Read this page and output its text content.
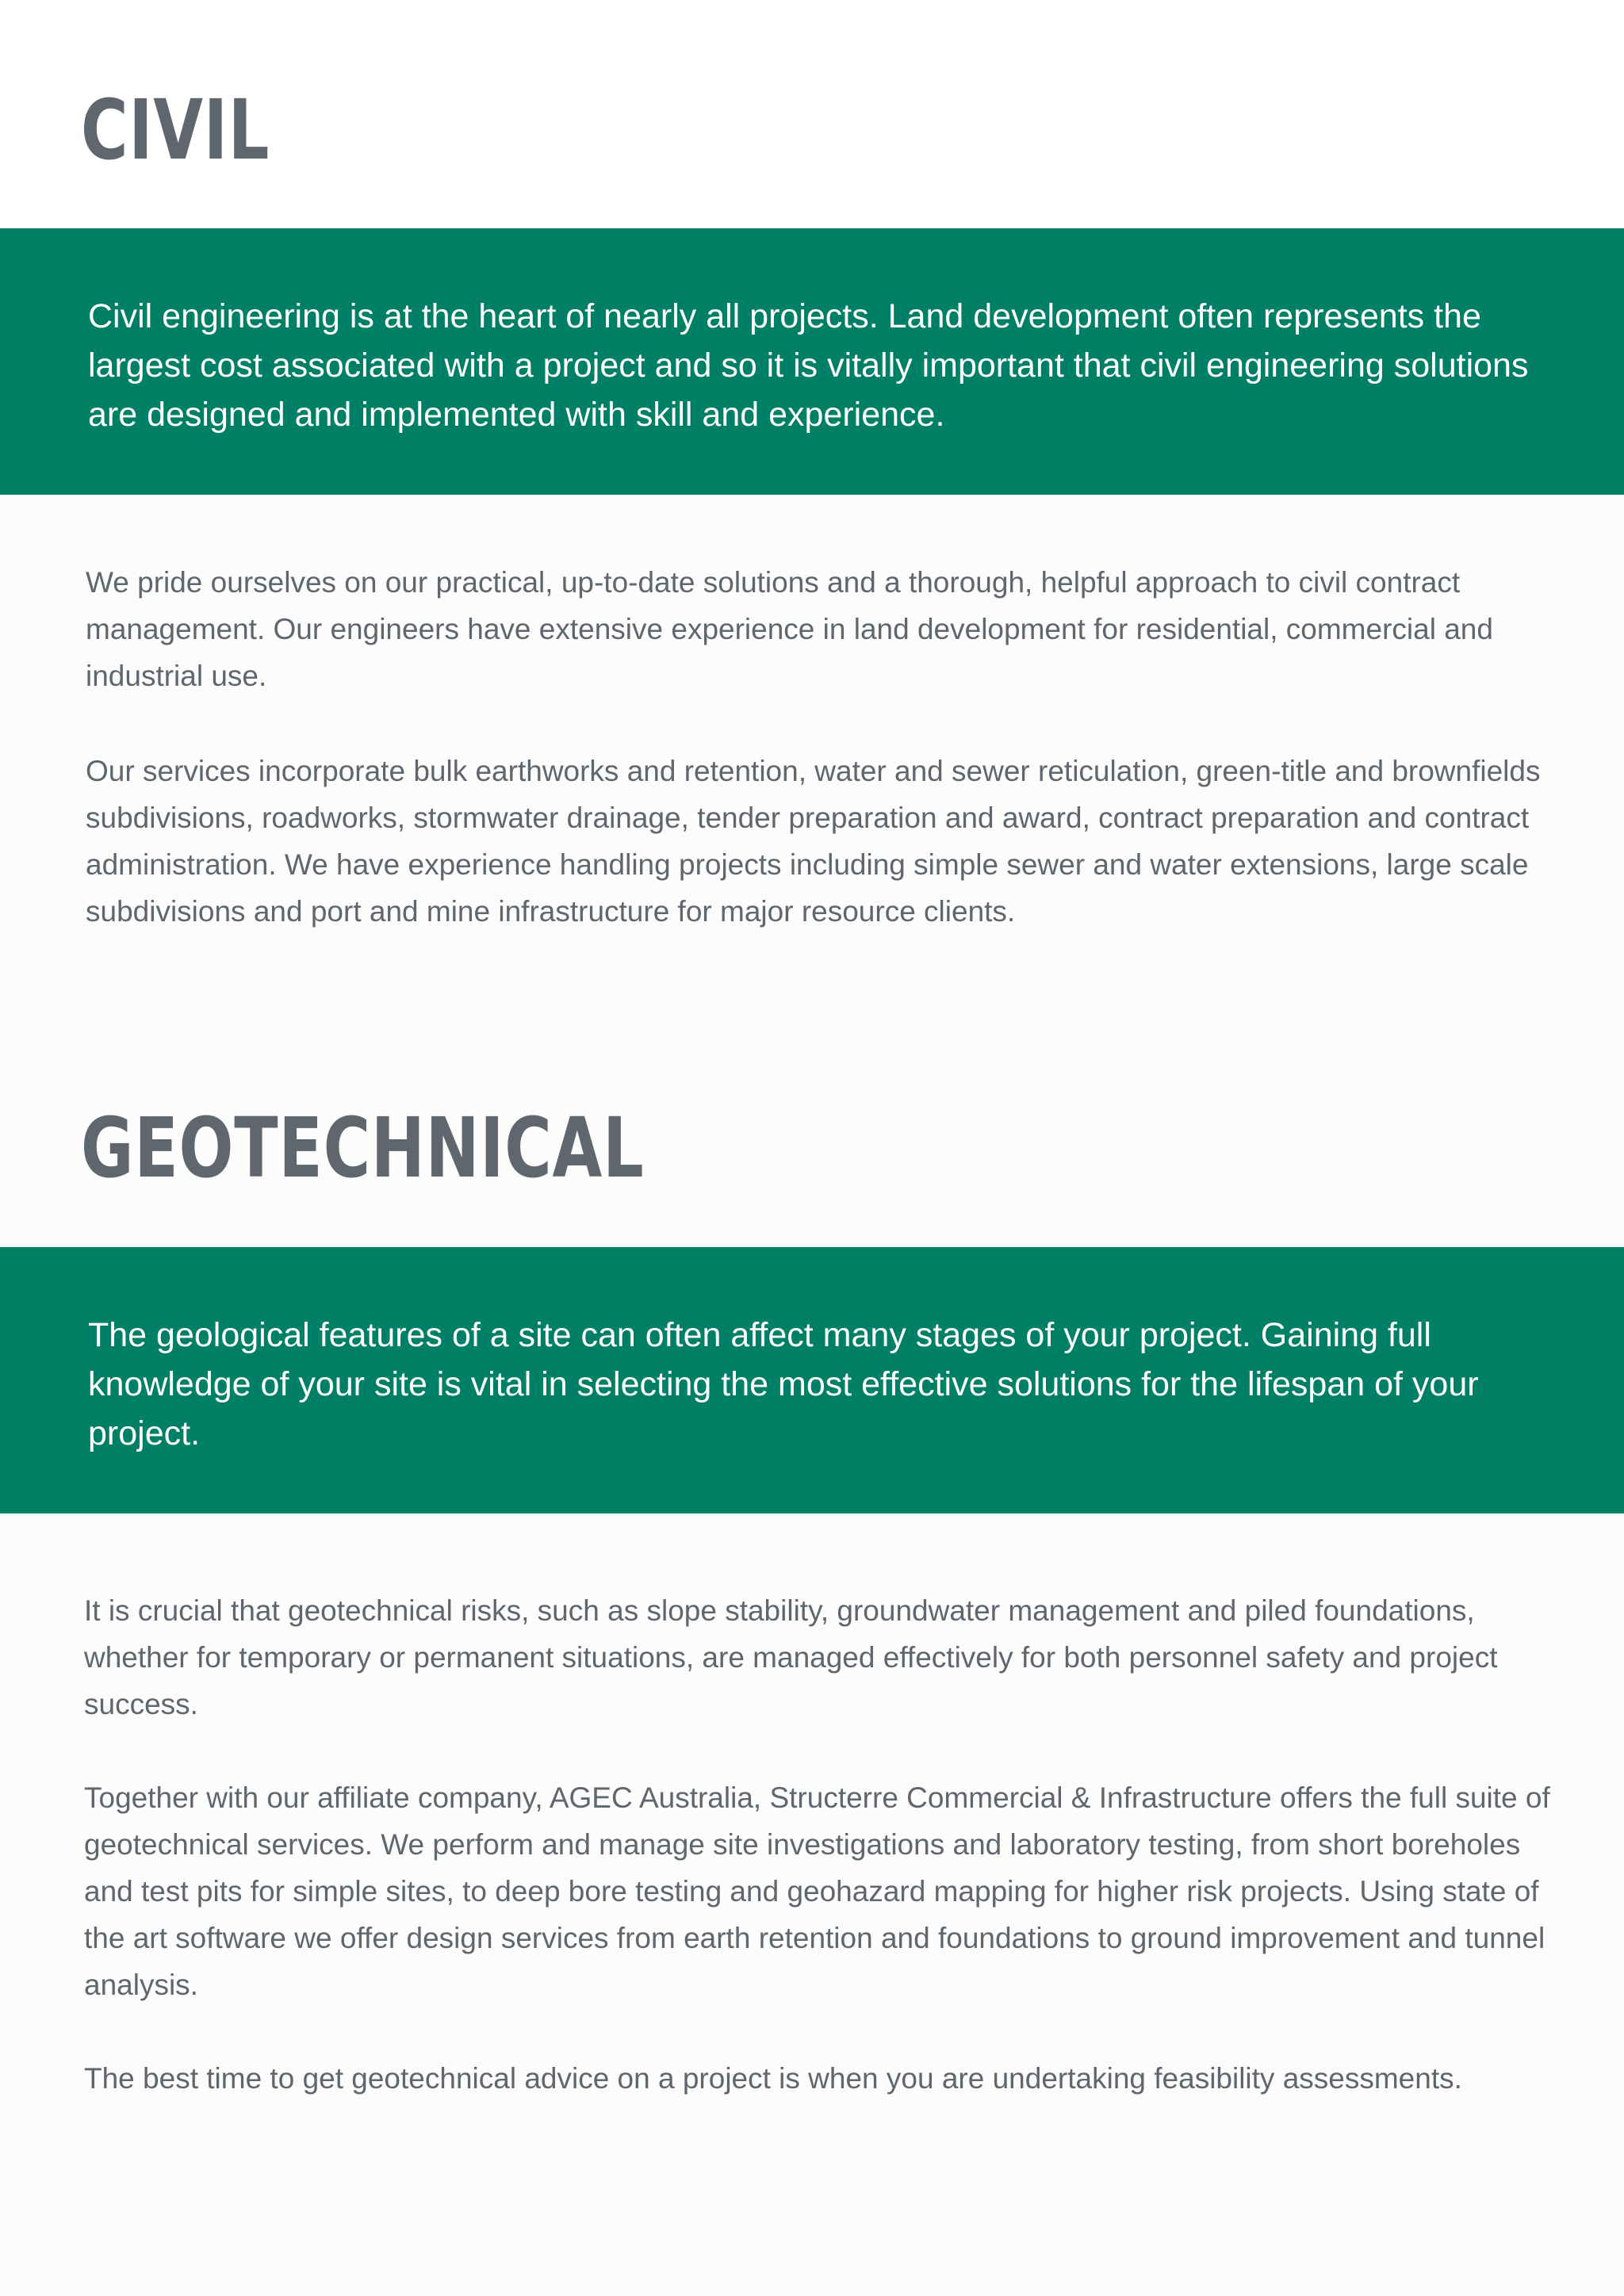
CIVIL

Civil engineering is at the heart of nearly all projects. Land development often represents the largest cost associated with a project and so it is vitally important that civil engineering solutions are designed and implemented with skill and experience.

We pride ourselves on our practical, up-to-date solutions and a thorough, helpful approach to civil contract management. Our engineers have extensive experience in land development for residential, commercial and industrial use.

Our services incorporate bulk earthworks and retention, water and sewer reticulation, green-title and brownfields subdivisions, roadworks, stormwater drainage, tender preparation and award, contract preparation and contract administration. We have experience handling projects including simple sewer and water extensions, large scale subdivisions and port and mine infrastructure for major resource clients.

GEOTECHNICAL

The geological features of a site can often affect many stages of your project. Gaining full knowledge of your site is vital in selecting the most effective solutions for the lifespan of your project.

It is crucial that geotechnical risks, such as slope stability, groundwater management and piled foundations, whether for temporary or permanent situations, are managed effectively for both personnel safety and project success.

Together with our affiliate company, AGEC Australia, Structerre Commercial & Infrastructure offers the full suite of geotechnical services. We perform and manage site investigations and laboratory testing, from short boreholes and test pits for simple sites, to deep bore testing and geohazard mapping for higher risk projects. Using state of the art software we offer design services from earth retention and foundations to ground improvement and tunnel analysis.

The best time to get geotechnical advice on a project is when you are undertaking feasibility assessments.
